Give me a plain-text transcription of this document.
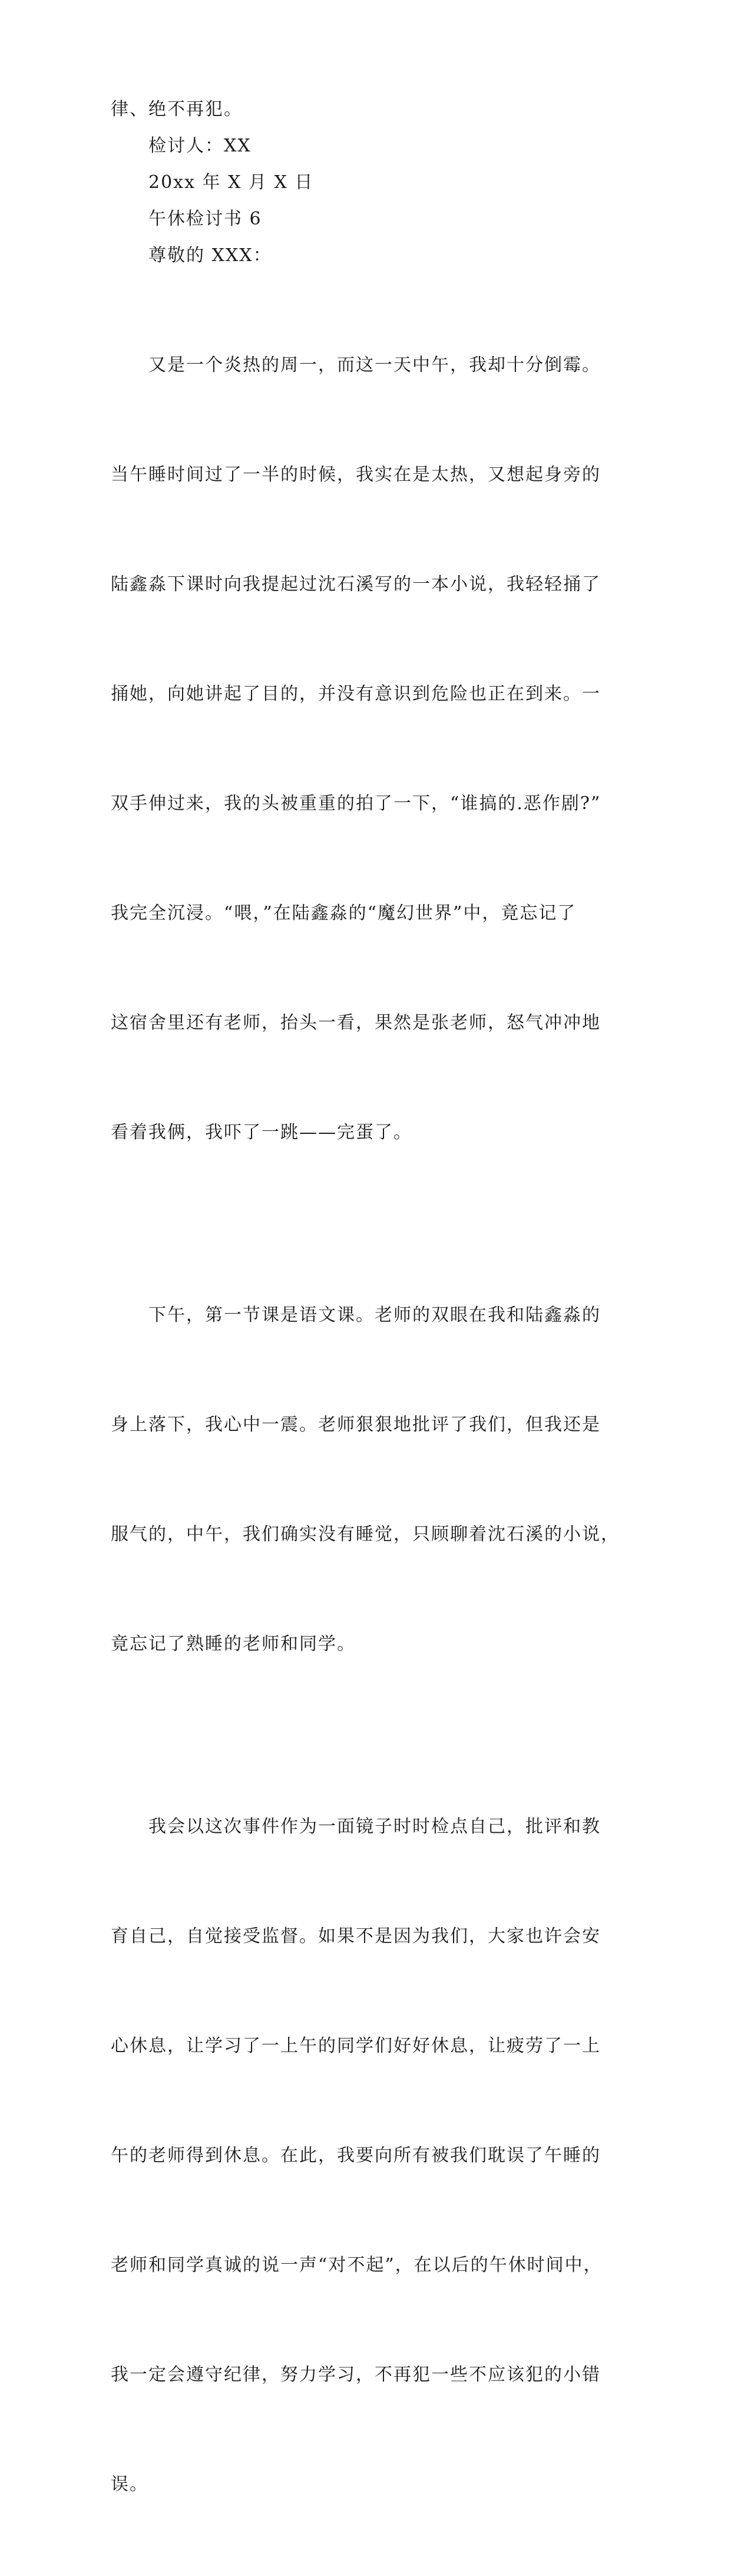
律、绝不再犯。
检讨人：XX
20xx 年 X 月 X 日
午休检讨书 6
尊敬的 XXX：

又是一个炎热的周一，而这一天中午，我却十分倒霉。

当午睡时间过了一半的时候，我实在是太热，又想起身旁的

陆鑫淼下课时向我提起过沈石溪写的一本小说，我轻轻捅了

捅她，向她讲起了目的，并没有意识到危险也正在到来。一

双手伸过来，我的头被重重的拍了一下，“谁搞的.恶作剧?”

我完全沉浸。“喂，”在陆鑫淼的“魔幻世界”中，竟忘记了

这宿舍里还有老师，抬头一看，果然是张老师，怒气冲冲地

看着我俩，我吓了一跳——完蛋了。

下午，第一节课是语文课。老师的双眼在我和陆鑫淼的

身上落下，我心中一震。老师狠狠地批评了我们，但我还是

服气的，中午，我们确实没有睡觉，只顾聊着沈石溪的小说，

竟忘记了熟睡的老师和同学。

我会以这次事件作为一面镜子时时检点自己，批评和教

育自己，自觉接受监督。如果不是因为我们，大家也许会安

心休息，让学习了一上午的同学们好好休息，让疲劳了一上

午的老师得到休息。在此，我要向所有被我们耽误了午睡的

老师和同学真诚的说一声“对不起”，在以后的午休时间中，

我一定会遵守纪律，努力学习，不再犯一些不应该犯的小错

误。
